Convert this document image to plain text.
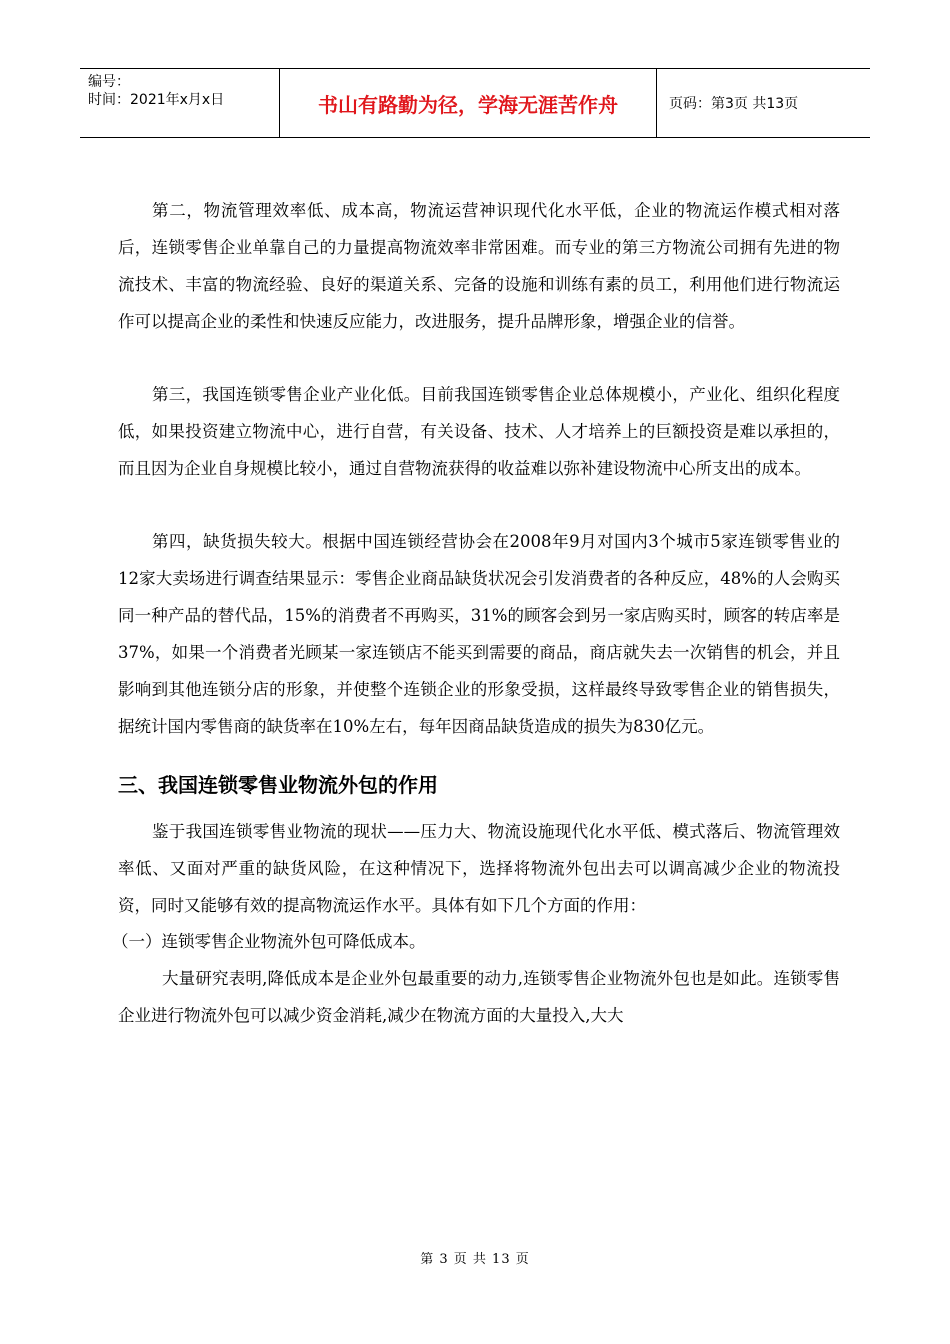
编号：
时间：2021年x月x日	书山有路勤为径，学海无涯苦作舟	页码：第3页 共13页

第二，物流管理效率低、成本高，物流运营神识现代化水平低，企业的物流运作模式相对落后，连锁零售企业单靠自己的力量提高物流效率非常困难。而专业的第三方物流公司拥有先进的物流技术、丰富的物流经验、良好的渠道关系、完备的设施和训练有素的员工，利用他们进行物流运作可以提高企业的柔性和快速反应能力，改进服务，提升品牌形象，增强企业的信誉。

第三，我国连锁零售企业产业化低。目前我国连锁零售企业总体规模小，产业化、组织化程度低，如果投资建立物流中心，进行自营，有关设备、技术、人才培养上的巨额投资是难以承担的，而且因为企业自身规模比较小，通过自营物流获得的收益难以弥补建设物流中心所支出的成本。

第四，缺货损失较大。根据中国连锁经营协会在2008年9月对国内3个城市5家连锁零售业的12家大卖场进行调查结果显示：零售企业商品缺货状况会引发消费者的各种反应，48%的人会购买同一种产品的替代品，15%的消费者不再购买，31%的顾客会到另一家店购买时，顾客的转店率是37%，如果一个消费者光顾某一家连锁店不能买到需要的商品，商店就失去一次销售的机会，并且影响到其他连锁分店的形象，并使整个连锁企业的形象受损，这样最终导致零售企业的销售损失，据统计国内零售商的缺货率在10%左右，每年因商品缺货造成的损失为830亿元。

三、我国连锁零售业物流外包的作用

鉴于我国连锁零售业物流的现状——压力大、物流设施现代化水平低、模式落后、物流管理效率低、又面对严重的缺货风险，在这种情况下，选择将物流外包出去可以调高减少企业的物流投资，同时又能够有效的提高物流运作水平。具体有如下几个方面的作用：

（一）连锁零售企业物流外包可降低成本。

大量研究表明,降低成本是企业外包最重要的动力,连锁零售企业物流外包也是如此。连锁零售企业进行物流外包可以减少资金消耗,减少在物流方面的大量投入,大大

第 3 页 共 13 页
